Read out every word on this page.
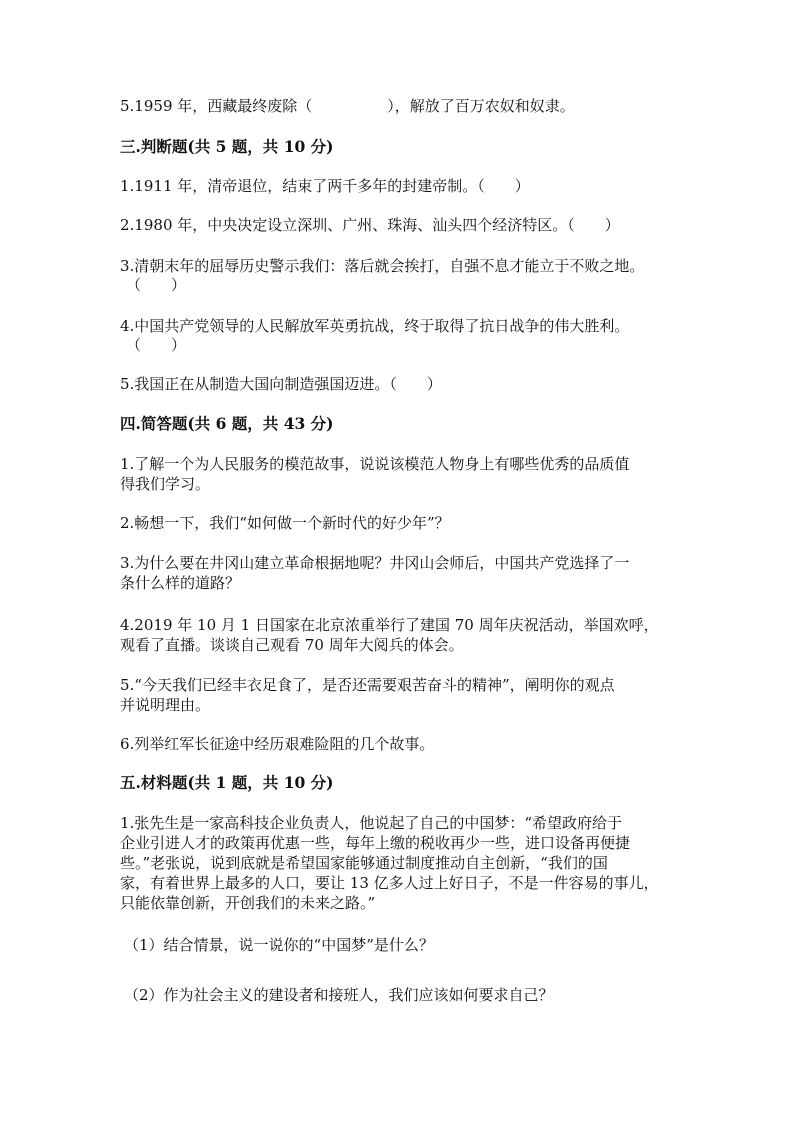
5.1959 年，西藏最终废除（　　　　　），解放了百万农奴和奴隶。
三.判断题(共 5 题，共 10 分)
1.1911 年，清帝退位，结束了两千多年的封建帝制。（　　）
2.1980 年，中央决定设立深圳、广州、珠海、汕头四个经济特区。（　　）
3.清朝末年的屈辱历史警示我们：落后就会挨打，自强不息才能立于不败之地。
（　　）
4.中国共产党领导的人民解放军英勇抗战，终于取得了抗日战争的伟大胜利。
（　　）
5.我国正在从制造大国向制造强国迈进。（　　）
四.简答题(共 6 题，共 43 分)
1.了解一个为人民服务的模范故事，说说该模范人物身上有哪些优秀的品质值
得我们学习。
2.畅想一下，我们“如何做一个新时代的好少年”？
3.为什么要在井冈山建立革命根据地呢？井冈山会师后，中国共产党选择了一
条什么样的道路？
4.2019 年 10 月 1 日国家在北京浓重举行了建国 70 周年庆祝活动，举国欢呼，
观看了直播。谈谈自己观看 70 周年大阅兵的体会。
5.“今天我们已经丰衣足食了，是否还需要艰苦奋斗的精神”，阐明你的观点
并说明理由。
6.列举红军长征途中经历艰难险阻的几个故事。
五.材料题(共 1 题，共 10 分)
1.张先生是一家高科技企业负责人，他说起了自己的中国梦：“希望政府给于
企业引进人才的政策再优惠一些，每年上缴的税收再少一些，进口设备再便捷
些。”老张说，说到底就是希望国家能够通过制度推动自主创新，“我们的国
家，有着世界上最多的人口，要让 13 亿多人过上好日子，不是一件容易的事儿，
只能依靠创新，开创我们的未来之路。”
（1）结合情景，说一说你的“中国梦”是什么？
（2）作为社会主义的建设者和接班人，我们应该如何要求自己？
